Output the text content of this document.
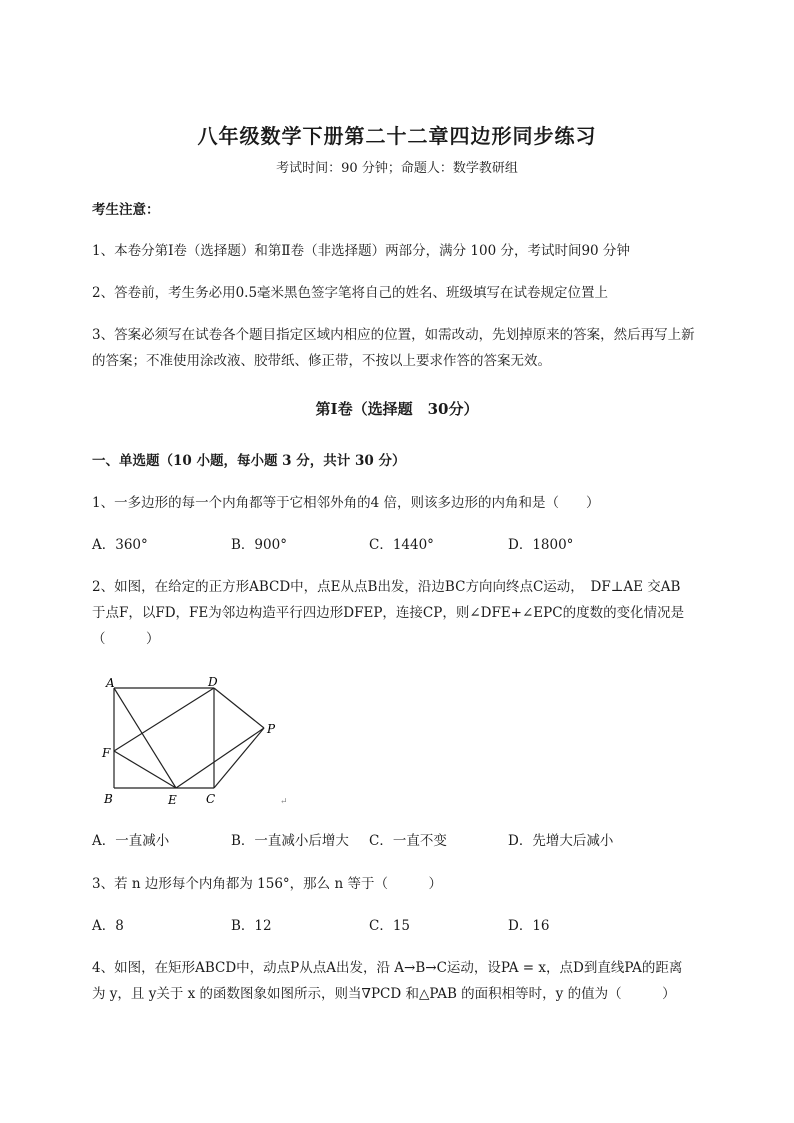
八年级数学下册第二十二章四边形同步练习
考试时间：90 分钟；命题人：数学教研组
考生注意：
1、本卷分第Ⅰ卷（选择题）和第Ⅱ卷（非选择题）两部分，满分 100 分，考试时间90 分钟
2、答卷前，考生务必用0.5毫米黑色签字笔将自己的姓名、班级填写在试卷规定位置上
3、答案必须写在试卷各个题目指定区域内相应的位置，如需改动，先划掉原来的答案，然后再写上新
的答案；不准使用涂改液、胶带纸、修正带，不按以上要求作答的答案无效。
第Ⅰ卷（选择题　30分）
一、单选题（10 小题，每小题 3 分，共计 30 分）
1、一多边形的每一个内角都等于它相邻外角的4 倍，则该多边形的内角和是（　　）
A．360°	B．900°	C．1440°	D．1800°
2、如图，在给定的正方形ABCD中，点E从点B出发，沿边BC方向向终点C运动，　DF⊥AE 交AB
于点F，以FD，FE为邻边构造平行四边形DFEP，连接CP，则∠DFE+∠EPC的度数的变化情况是
（　　　）
A	D
F
P
B	E C	↵
A．一直减小	B．一直减小后增大 C．一直不变	D．先增大后减小
3、若 n 边形每个内角都为 156°，那么 n 等于（　　　）
A．8	B．12	C．15	D．16
4、如图，在矩形ABCD中，动点P从点A出发，沿 A→B→C运动，设PA = x，点D到直线PA的距离
为 y，且 y关于 x 的函数图象如图所示，则当∇PCD 和△PAB 的面积相等时，y 的值为（　　　）
